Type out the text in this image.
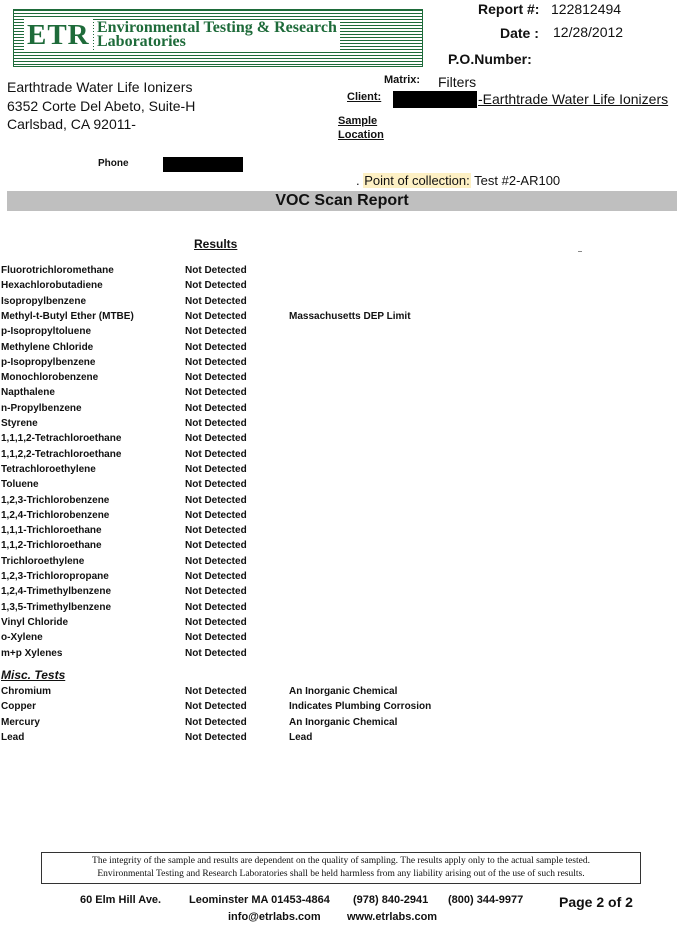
ETR Environmental Testing & Research
Laboratories
Report #: 122812494
Date : 12/28/2012
P.O.Number:
Earthtrade Water Life Ionizers
6352 Corte Del Abeto, Suite-H
Carlsbad, CA 92011-
Matrix: Filters
Client:	-Earthtrade Water Life Ionizers
Sample
Location
Phone
. Point of collection: Test #2-AR100
VOC Scan Report
Results
Fluorotrichloromethane	Not Detected
Hexachlorobutadiene	Not Detected
Isopropylbenzene	Not Detected
Methyl-t-Butyl Ether (MTBE)	Not Detected	Massachusetts DEP Limit
p-Isopropyltoluene	Not Detected
Methylene Chloride	Not Detected
p-Isopropylbenzene	Not Detected
Monochlorobenzene	Not Detected
Napthalene	Not Detected
n-Propylbenzene	Not Detected
Styrene	Not Detected
1,1,1,2-Tetrachloroethane	Not Detected
1,1,2,2-Tetrachloroethane	Not Detected
Tetrachloroethylene	Not Detected
Toluene	Not Detected
1,2,3-Trichlorobenzene	Not Detected
1,2,4-Trichlorobenzene	Not Detected
1,1,1-Trichloroethane	Not Detected
1,1,2-Trichloroethane	Not Detected
Trichloroethylene	Not Detected
1,2,3-Trichloropropane	Not Detected
1,2,4-Trimethylbenzene	Not Detected
1,3,5-Trimethylbenzene	Not Detected
Vinyl Chloride	Not Detected
o-Xylene	Not Detected
m+p Xylenes	Not Detected
Misc. Tests
Chromium	Not Detected	An Inorganic Chemical
Copper	Not Detected	Indicates Plumbing Corrosion
Mercury	Not Detected	An Inorganic Chemical
Lead	Not Detected	Lead
The integrity of the sample and results are dependent on the quality of sampling. The results apply only to the actual sample tested.
Environmental Testing and Research Laboratories shall be held harmless from any liability arising out of the use of such results.
60 Elm Hill Ave.	Leominster MA 01453-4864 (978) 840-2941 (800) 344-9977
info@etrlabs.com www.etrlabs.com
Page 2 of 2
